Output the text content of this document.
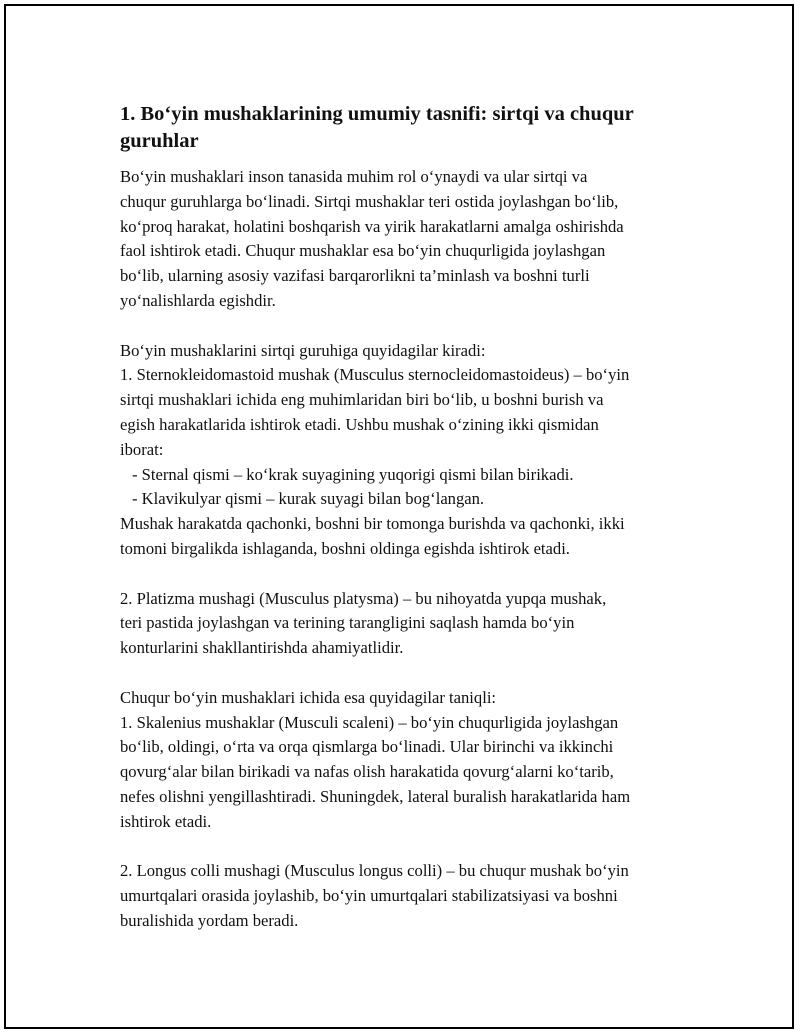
1. Bo‘yin mushaklarining umumiy tasnifi: sirtqi va chuqur
guruhlar

Bo‘yin mushaklari inson tanasida muhim rol o‘ynaydi va ular sirtqi va
chuqur guruhlarga bo‘linadi. Sirtqi mushaklar teri ostida joylashgan bo‘lib,
ko‘proq harakat, holatini boshqarish va yirik harakatlarni amalga oshirishda
faol ishtirok etadi. Chuqur mushaklar esa bo‘yin chuqurligida joylashgan
bo‘lib, ularning asosiy vazifasi barqarorlikni ta’minlash va boshni turli
yo‘nalishlarda egishdir.

Bo‘yin mushaklarini sirtqi guruhiga quyidagilar kiradi:
1. Sternokleidomastoid mushak (Musculus sternocleidomastoideus) – bo‘yin
sirtqi mushaklari ichida eng muhimlaridan biri bo‘lib, u boshni burish va
egish harakatlarida ishtirok etadi. Ushbu mushak o‘zining ikki qismidan
iborat:
- Sternal qismi – ko‘krak suyagining yuqorigi qismi bilan birikadi.
- Klavikulyar qismi – kurak suyagi bilan bog‘langan.
Mushak harakatda qachonki, boshni bir tomonga burishda va qachonki, ikki
tomoni birgalikda ishlaganda, boshni oldinga egishda ishtirok etadi.

2. Platizma mushagi (Musculus platysma) – bu nihoyatda yupqa mushak,
teri pastida joylashgan va terining tarangligini saqlash hamda bo‘yin
konturlarini shakllantirishda ahamiyatlidir.

Chuqur bo‘yin mushaklari ichida esa quyidagilar taniqli:
1. Skalenius mushaklar (Musculi scaleni) – bo‘yin chuqurligida joylashgan
bo‘lib, oldingi, o‘rta va orqa qismlarga bo‘linadi. Ular birinchi va ikkinchi
qovurg‘alar bilan birikadi va nafas olish harakatida qovurg‘alarni ko‘tarib,
nefes olishni yengillashtiradi. Shuningdek, lateral buralish harakatlarida ham
ishtirok etadi.

2. Longus colli mushagi (Musculus longus colli) – bu chuqur mushak bo‘yin
umurtqalari orasida joylashib, bo‘yin umurtqalari stabilizatsiyasi va boshni
buralishida yordam beradi.
